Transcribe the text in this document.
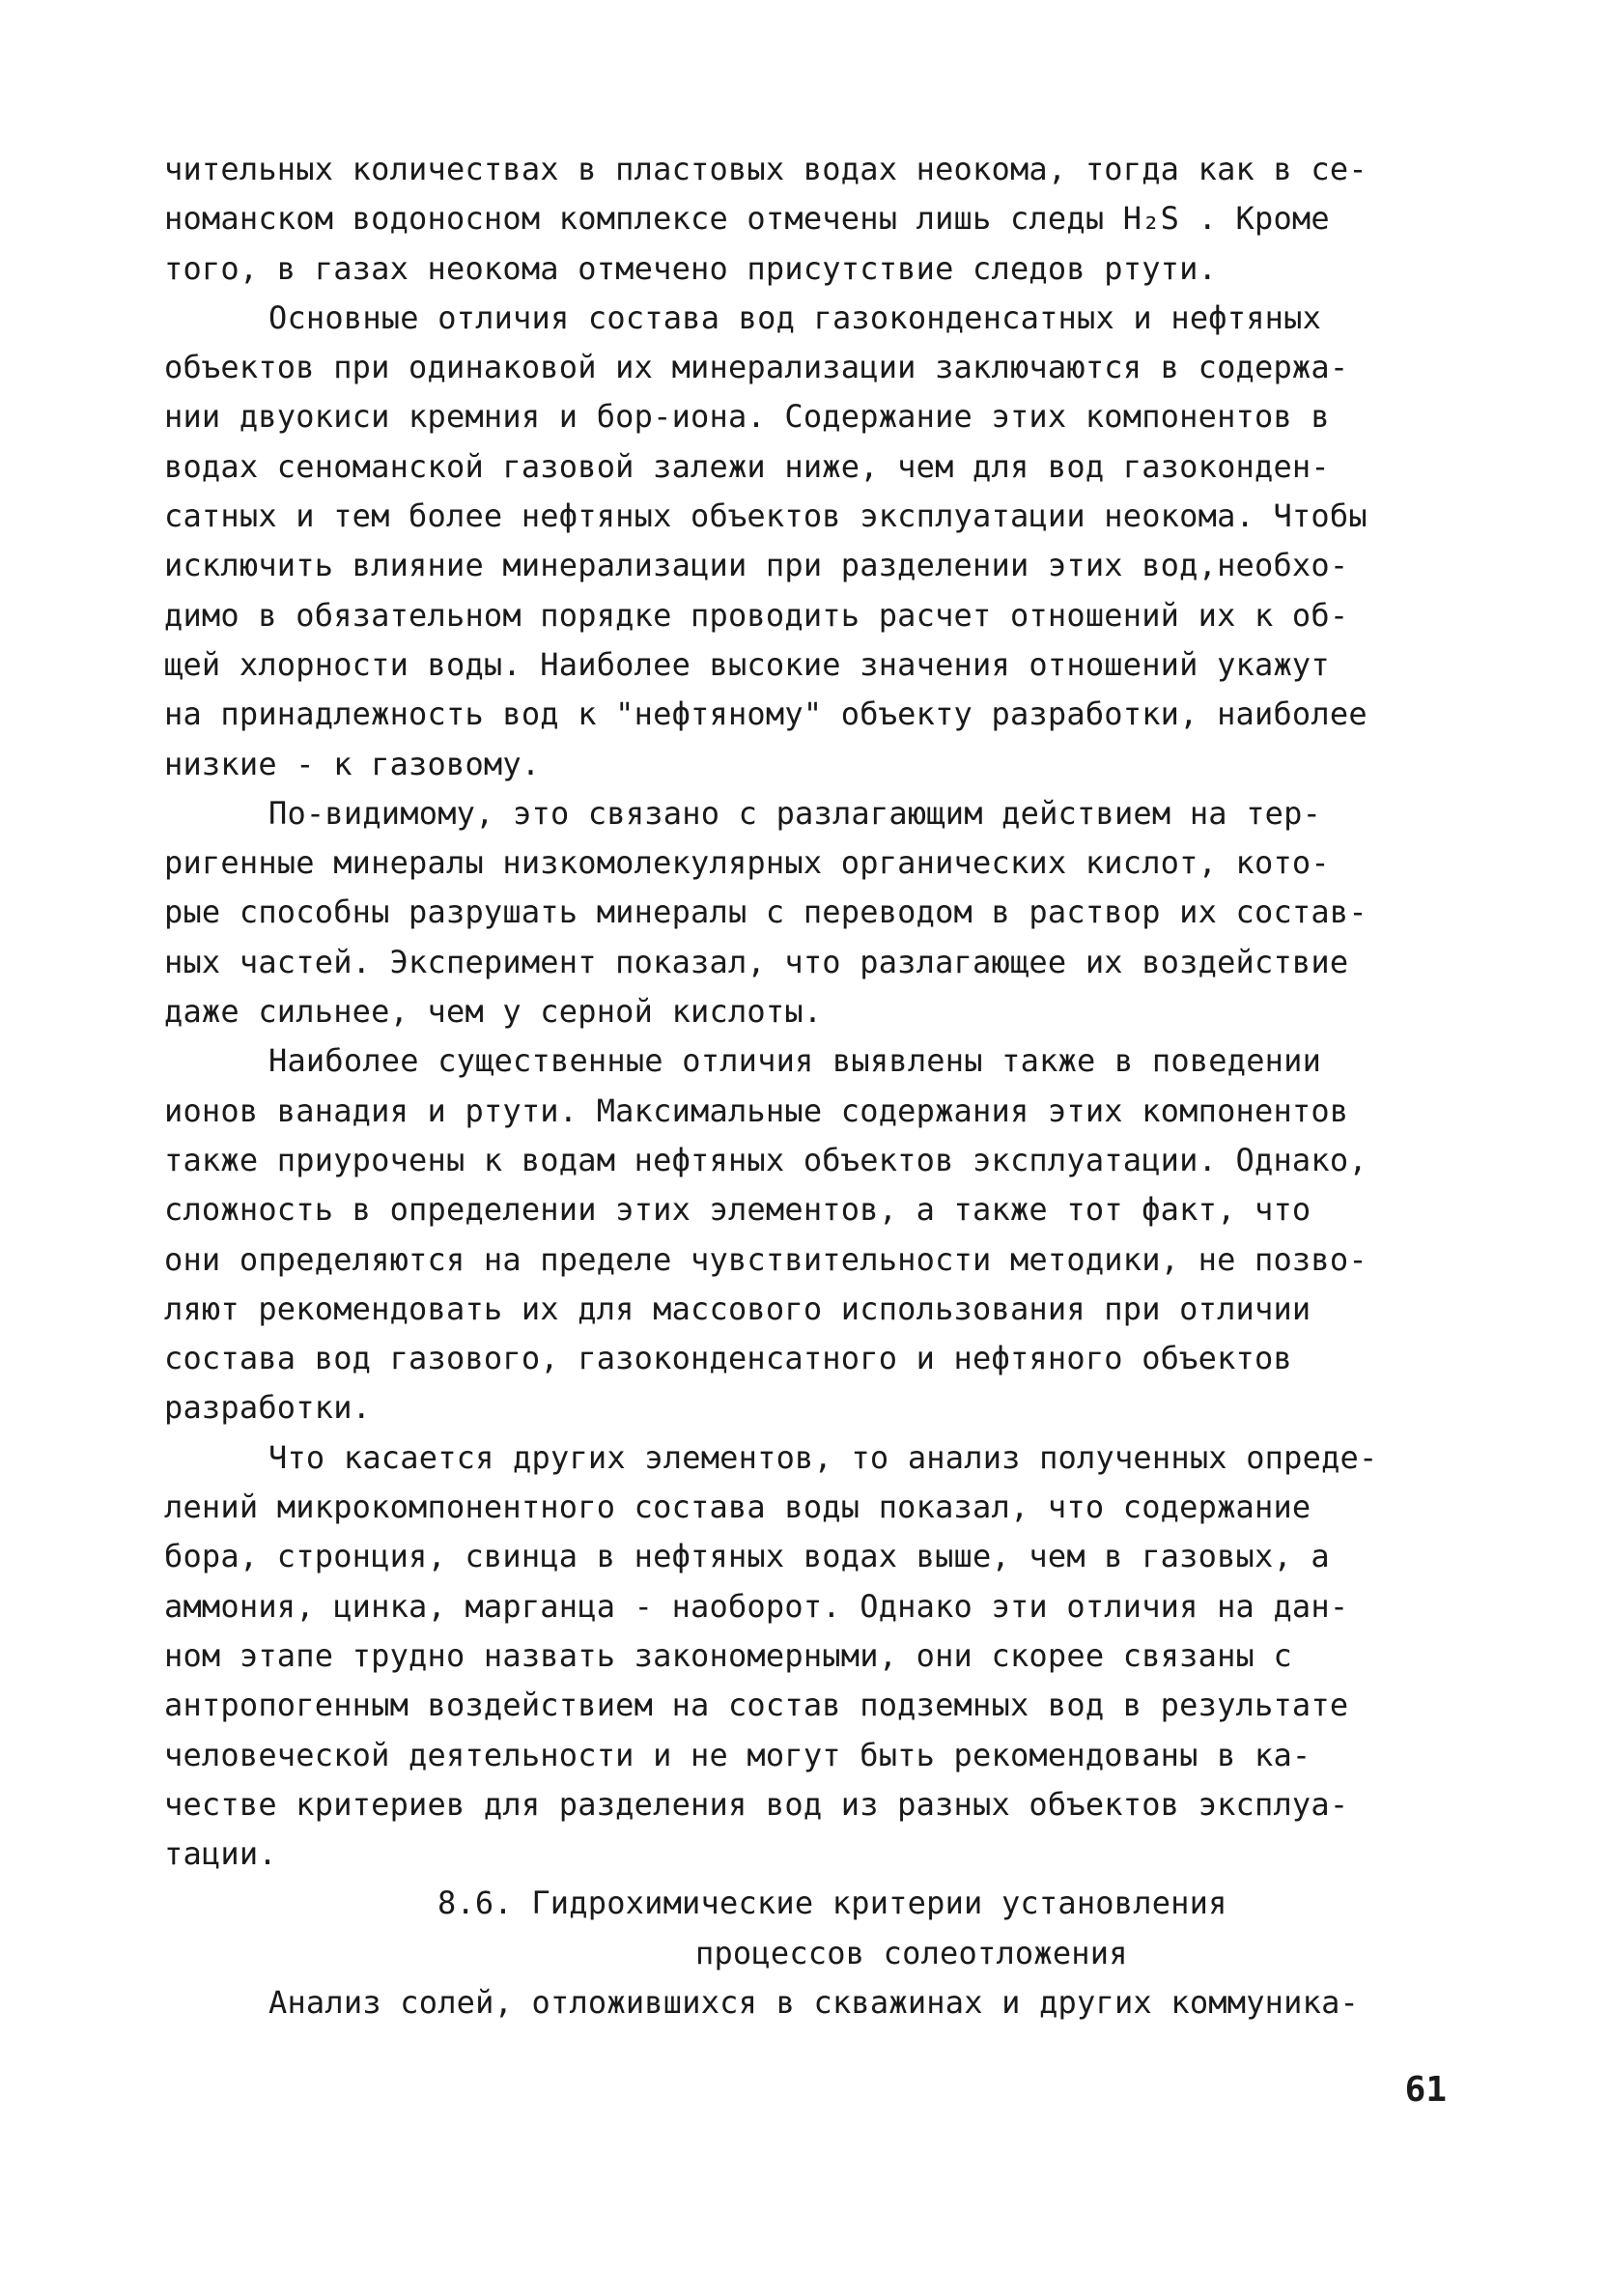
чительных количествах в пластовых водах неокома, тогда как в се-
номанском водоносном комплексе отмечены лишь следы H₂S . Кроме
того, в газах неокома отмечено присутствие следов ртути.
Основные отличия состава вод газоконденсатных и нефтяных
объектов при одинаковой их минерализации заключаются в содержа-
нии двуокиси кремния и бор-иона. Содержание этих компонентов в
водах сеноманской газовой залежи ниже, чем для вод газоконден-
сатных и тем более нефтяных объектов эксплуатации неокома. Чтобы
исключить влияние минерализации при разделении этих вод,необхо-
димо в обязательном порядке проводить расчет отношений их к об-
щей хлорности воды. Наиболее высокие значения отношений укажут
на принадлежность вод к "нефтяному" объекту разработки, наиболее
низкие - к газовому.
По-видимому, это связано с разлагающим действием на тер-
ригенные минералы низкомолекулярных органических кислот, кото-
рые способны разрушать минералы с переводом в раствор их состав-
ных частей. Эксперимент показал, что разлагающее их воздействие
даже сильнее, чем у серной кислоты.
Наиболее существенные отличия выявлены также в поведении
ионов ванадия и ртути. Максимальные содержания этих компонентов
также приурочены к водам нефтяных объектов эксплуатации. Однако,
сложность в определении этих элементов, а также тот факт, что
они определяются на пределе чувствительности методики, не позво-
ляют рекомендовать их для массового использования при отличии
состава вод газового, газоконденсатного и нефтяного объектов
разработки.
Что касается других элементов, то анализ полученных опреде-
лений микрокомпонентного состава воды показал, что содержание
бора, стронция, свинца в нефтяных водах выше, чем в газовых, а
аммония, цинка, марганца - наоборот. Однако эти отличия на дан-
ном этапе трудно назвать закономерными, они скорее связаны с
антропогенным воздействием на состав подземных вод в результате
человеческой деятельности и не могут быть рекомендованы в ка-
честве критериев для разделения вод из разных объектов эксплуа-
тации.
8.6. Гидрохимические критерии установления
процессов солеотложения
Анализ солей, отложившихся в скважинах и других коммуника-
61
